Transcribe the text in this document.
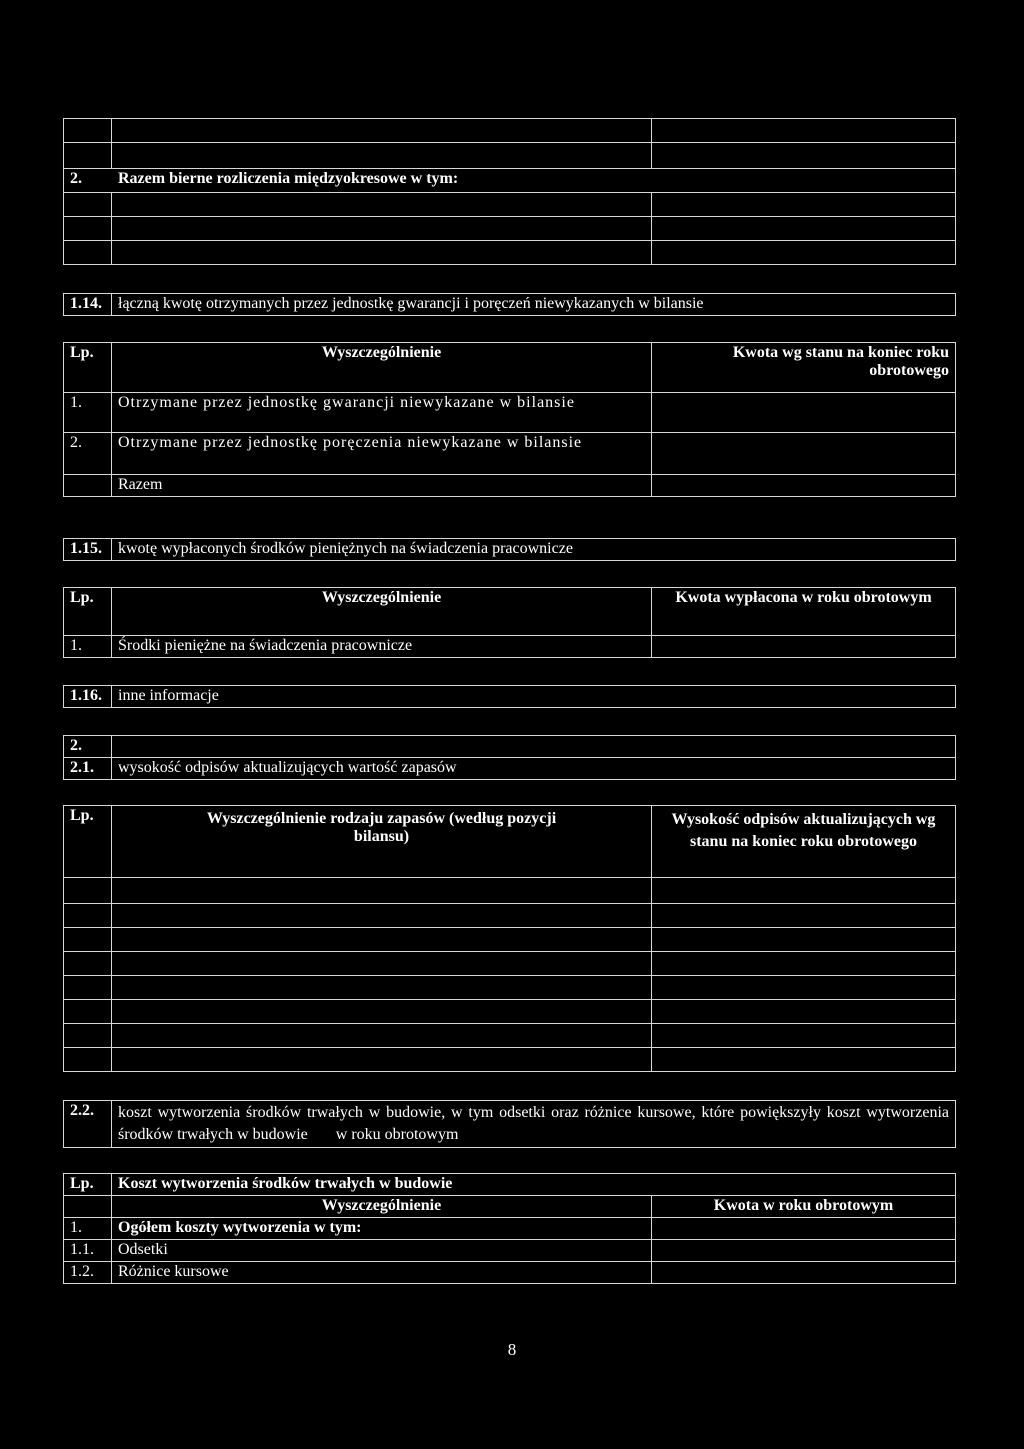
2. Razem bierne rozliczenia międzyokresowe w tym:		

1.14.	łączną kwotę otrzymanych przez jednostkę gwarancji i poręczeń niewykazanych w bilansie
Lp.	Wyszczególnienie	Kwota wg stanu na koniec roku obrotowego
1.	Otrzymane przez jednostkę gwarancji niewykazane w bilansie	
2.	Otrzymane przez jednostkę poręczenia niewykazane w bilansie	
	Razem	
1.15.	kwotę wypłaconych środków pieniężnych na świadczenia pracownicze
Lp.	Wyszczególnienie	Kwota wypłacona w roku obrotowym
1.	Środki pieniężne na świadczenia pracownicze	
1.16.	inne informacje
2.	
2.1.	wysokość odpisów aktualizujących wartość zapasów
Lp.	Wyszczególnienie rodzaju zapasów (według pozycji bilansu)	Wysokość odpisów aktualizujących wg stanu na koniec roku obrotowego

2.2.	koszt wytworzenia środków trwałych w budowie, w tym odsetki oraz różnice kursowe, które powiększyły koszt wytworzenia środków trwałych w budowie       w roku obrotowym
Lp.	Koszt wytworzenia środków trwałych w budowie	
	Wyszczególnienie	Kwota w roku obrotowym
1.	Ogółem koszty wytworzenia w tym:	
1.1.	Odsetki	
1.2.	Różnice kursowe	
8
